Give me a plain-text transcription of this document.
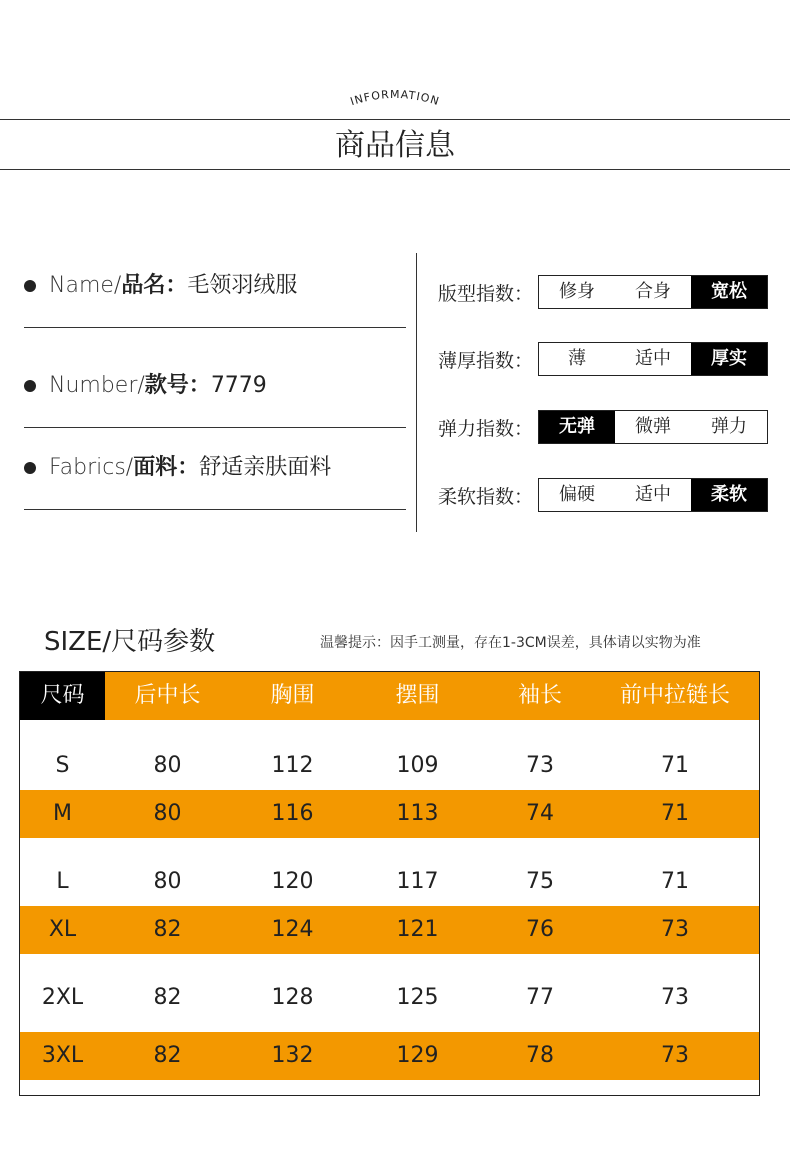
INFORMATION
商品信息
Name/ 品名： 毛领羽绒服
Number/ 款号： 7779
Fabrics/ 面料： 舒适亲肤面料
版型指数：	修身	合身	宽松
薄厚指数：	薄	适中	厚实
弹力指数：	无弹	微弹	弹力
柔软指数：	偏硬	适中	柔软
SIZE/尺码参数	温馨提示：因手工测量，存在1-3CM误差，具体请以实物为准
尺码	后中长	胸围	摆围	袖长	前中拉链长
S	80	112	109	73	71
M	80	116	113	74	71
L	80	120	117	75	71
XL	82	124	121	76	73
2XL	82	128	125	77	73
3XL	82	132	129	78	73
